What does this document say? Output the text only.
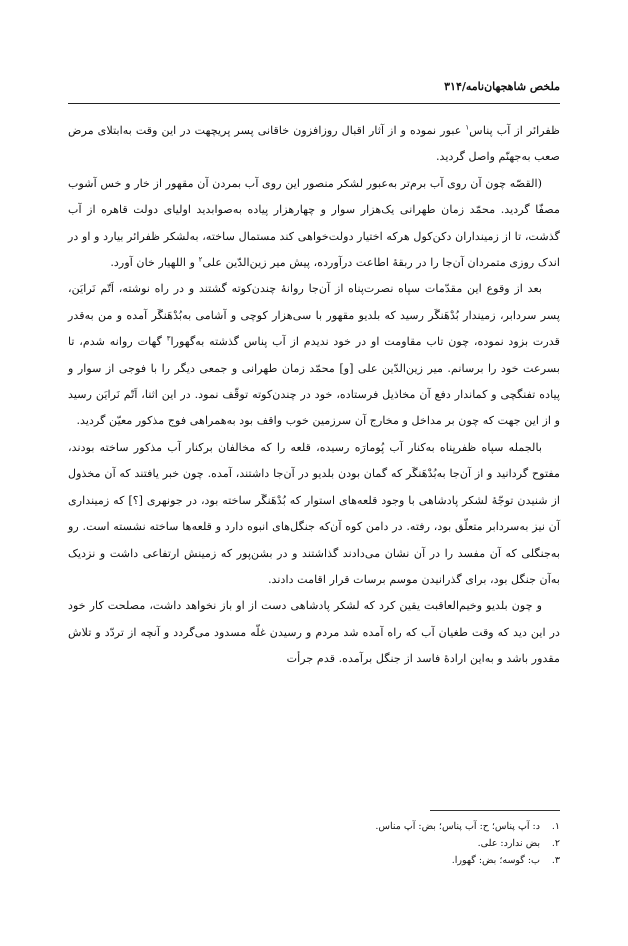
ملخص شاهجهان‌نامه/۳۱۴

ظفرائر از آب پناس$^۱$ عبور نموده و از آثار اقبال روزافزون خاقانی پسر پریچهت در این وقت به‌ابتلای مرض صعب به‌جهنّم واصل گردید.

(القصّه چون آن روی آب برم‌تر به‌عبور لشکر منصور این روی آب بمردن آن مقهور از خار و خس آشوب مصفّا گردید. محمّد زمان طهرانی یک‌هزار سوار و چهارهزار پیاده به‌صوابدید اولیای دولت قاهره از آب گذشت، تا از زمینداران دکن‌کول هرکه اختیار دولت‌خواهی کند مستمال ساخته، به‌لشکر ظفرائر بیارد و او در اندک روزی متمردان آن‌جا را در ربقهٔ اطاعت درآورده، پیش میر زین‌الدّین علی$^۲$ و اللهیار خان آورد.

بعد از وقوع این مقدّمات سپاه نصرت‌پناه از آن‌جا روانهٔ چندن‌کوته گشتند و در راه نوشته، اَتّم نَرایَن، پسر سردابر، زمیندار بُدْهَنگَر رسید که بلدیو مقهور با سی‌هزار کوچی و آشامی به‌بُدْهَنگَر آمده و من به‌قدر قدرت بزود نموده، چون تاب مقاومت او در خود ندیدم از آب پناس گذشته به‌گهورا$^۳$ گهات روانه شدم، تا بسرعت خود را برسانم. میر زین‌الدّین علی [و] محمّد زمان طهرانی و جمعی دیگر را با فوجی از سوار و پیاده تفنگچی و کماندار دفع آن مخاذیل فرستاده، خود در چندن‌کوته توقّف نمود. در این اثنا، اَتّم نَرایَن رسید و از این جهت که چون بر مداخل و مخارج آن سرزمین خوب واقف بود به‌همراهی فوج مذکور معیّن گردید.

بالجمله سپاه ظفرپناه به‌کنار آب پُومارَه رسیده، قلعه را که مخالفان برکنار آب مذکور ساخته بودند، مفتوح گردانید و از آن‌جا به‌بُدْهَنگَر که گمان بودن بلدیو در آن‌جا داشتند، آمده. چون خبر یافتند که آن مخذول از شنیدن توجّهٔ لشکر پادشاهی با وجود قلعه‌های استوار که بُدْهَنگَر ساخته بود، در جونهری [؟] که زمینداری آن نیز به‌سردابر متعلّق بود، رفته. در دامن کوه آن‌که جنگل‌های انبوه دارد و قلعه‌ها ساخته نشسته است. رو به‌جنگلی که آن مفسد را در آن نشان می‌دادند گذاشتند و در بشن‌پور که زمینش ارتفاعی داشت و نزدیک به‌آن جنگل بود، برای گذرانیدن موسم برسات قرار اقامت دادند.

و چون بلدیو وخیم‌العاقبت یقین کرد که لشکر پادشاهی دست از او باز نخواهد داشت، مصلحت کار خود در این دید که وقت طغیان آب که راه آمده شد مردم و رسیدن غلّه مسدود می‌گردد و آنچه از تردّد و تلاش مقدور باشد و به‌این ارادهٔ فاسد از جنگل برآمده. قدم جرأت

۱.
د: آپ پناس؛ ح: آب پناس؛ بض: آپ مناس.
۲.
بض ندارد: علی.
۳.
ب: گوسه؛ بض: گهورا.
